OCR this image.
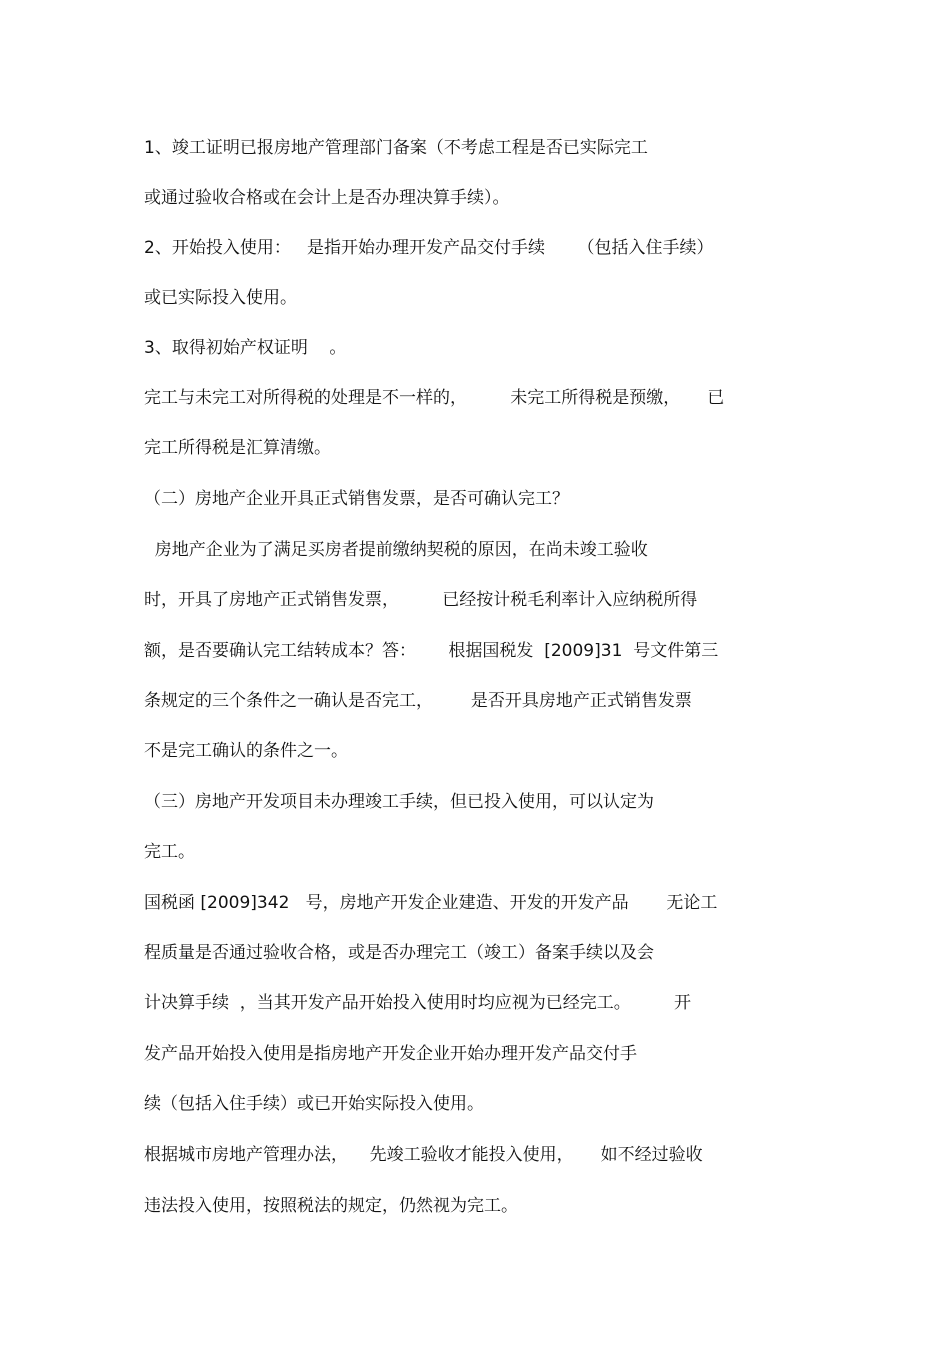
1、竣工证明已报房地产管理部门备案（不考虑工程是否已实际完工
或通过验收合格或在会计上是否办理决算手续）。
2、开始投入使用：   是指开始办理开发产品交付手续      （包括入住手续）
或已实际投入使用。
3、取得初始产权证明    。
完工与未完工对所得税的处理是不一样的，        未完工所得税是预缴，     已
完工所得税是汇算清缴。
（二）房地产企业开具正式销售发票，是否可确认完工？
房地产企业为了满足买房者提前缴纳契税的原因，在尚未竣工验收
时，开具了房地产正式销售发票，        已经按计税毛利率计入应纳税所得
额，是否要确认完工结转成本？答：      根据国税发  [2009]31  号文件第三
条规定的三个条件之一确认是否完工，       是否开具房地产正式销售发票
不是完工确认的条件之一。
（三）房地产开发项目未办理竣工手续，但已投入使用，可以认定为
完工。
国税函 [2009]342   号，房地产开发企业建造、开发的开发产品       无论工
程质量是否通过验收合格，或是否办理完工（竣工）备案手续以及会
计决算手续  ，当其开发产品开始投入使用时均应视为已经完工。        开
发产品开始投入使用是指房地产开发企业开始办理开发产品交付手
续（包括入住手续）或已开始实际投入使用。
根据城市房地产管理办法，    先竣工验收才能投入使用，     如不经过验收
违法投入使用，按照税法的规定，仍然视为完工。
